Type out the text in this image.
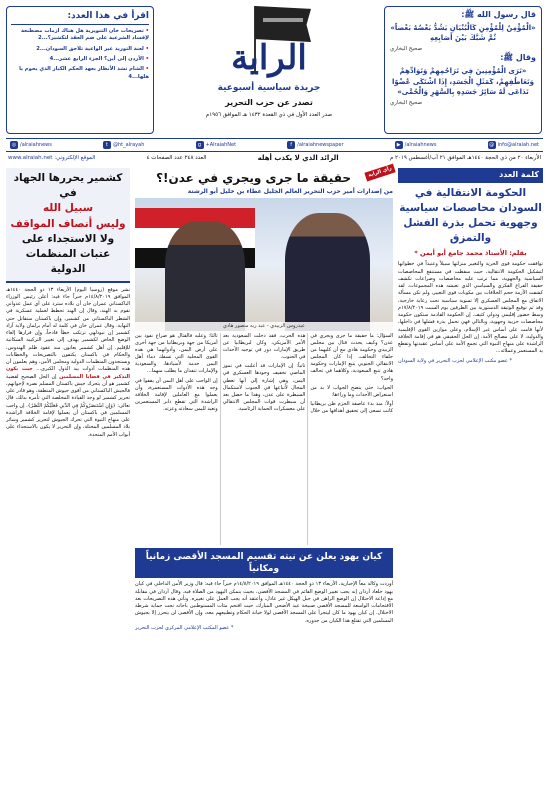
اقرأ في هذا العدد:
• تصريحات خان التنويرية هل هناك ازمات مصطنعة لإفساد الشرعية على ضم العقد لتكشير؟...2
• لعنة التوريد غير الواعية تلاحق السودان...2
• الأردن إلى أين؟ الجزء الرابع عشر...4
• الشام تشد الأنظار بعهد الحكم الكبار الذي يحوم يا هلها...4	الراية
جريدة سياسية أسبوعية
تصدر عن حزب التحرير
صدر العدد الأول في ذي القعدة ١٤٣٢ هـ الموافق ١٩٥٦م
قال رسول الله ﷺ:
«الْمُؤْمِنُ لِلْمُؤْمِنِ كَالْبُنْيَانِ يَشُدُّ بَعْضُهُ بَعْضاً» ثُمَّ شَبَّكَ بَيْنَ أَصَابِعِهِ
صحيح البخاري
وقال ﷺ:
«تَرَى الْمُؤْمِنِينَ فِي تَرَاحُمِهِمْ وَتَوَادِّهِمْ وَتَعَاطُفِهِمْ، كَمَثَلِ الْجَسَدِ، إِذَا اشْتَكَى عُضْوًا تَدَاعَى لَهُ سَائِرُ جَسَدِهِ بِالسَّهَرِ وَالْحُمَّى»
صحيح البخاري
@ info@alraiah.net
▶ /alraiahnews
f	/alraiahnewspaper
g +AlraiahNet
t	@ht_alrayah
◎ /alraiahnews
الأربعاء ٢٠ من ذي الحجة ١٤٤٠هـ الموافق ٢١ آب/أغسطس ٢٠١٩ م
الرائد الذي لا يكذب أهله
العدد ٢٤٨ عدد الصفحات ٤
www.alraiah.net :الموقع الإلكتروني
كلمة العدد
الحكومة الانتقالية في السودان محاصصات سياسية وجهوية تحمل بذرة الفشل والتمزق
بقلم: الأستاذ محمد جامع أبو أيمن *
توافقت حكومة قوى الحرية والتغيير منزلتها سبيلاً وعتيداً في خطواتها لتشكيل الحكومة الانتقالية، حيث سقطت في مستنقع المحاصصات السياسية والجهوية، مما ترتب عليه محاصصات وصراعات تكشف حقيقة الفراغ الفكري والسياسي الذي تعيشه هذه المجموعات. لقد كشفت الأزمة حجم الخلافات بين مكونات قوى التغيير، ولم تكن مسألة الاتفاق مع المجلس العسكري إلا تسوية سياسية تحت رعاية خارجية، وقد تم توقيع الوثيقة الدستورية بين الطرفين يوم السبت ١٧/٨/٢٠١٩م وسط حضور إقليمي ودولي كثيف. إن الحكومة القادمة ستكون حكومة محاصصات حزبية وجهوية، وبالتالي فهي تحمل بذرة فشلها في داخلها، لأنها قامت على أساس غير الإسلام، وعلى موازين القوى الإقليمية والدولية، لا على مصالح الأمة. إن الحل الحقيقي هو في إقامة الخلافة الراشدة على منهاج النبوة التي تجمع الأمة على أساس عقيدتها وتقطع يد المستعمر وعملائه...
* عضو مكتب الإعلامي لحزب التحرير في ولاية السودان
رأي الراية
حقيقة ما جرى ويجري في عدن!؟
من إصدارات أمير حزب التحرير العالم الجليل عطاء بن خليل أبو الرشتة
عيدروس الزبيدي - عبد ربه منصور هادي

السؤال: ما حقيقة ما جرى ويجري في عدن؟ وكيف يحدث قتال بين مجلس الزبيدي وحكومة هادي مع أن كليهما من حلفاء التحالف، إذا كان المجلس الانتقالي الجنوبي يتبع الإمارات وحكومة هادي تتبع السعودية، وكلاهما في تحالف واحد؟

الجواب: حتى يتضح الجواب لا بد من استعراض الأحداث وما وراءها:

أولاً: منذ بدء عاصفة الحزم ظن بريطانيا كانت تسعى إلى تحقيق أهدافها من خلال هذه الحرب، فقد دخلت السعودية بعد الأمر الأمريكي، وكان لبريطانيا عن طريق الإمارات دور في توجيه الأحداث في الجنوب.

ثانياً: إن الإمارات قد أعلنت في تموز الماضي تخفيف وجودها العسكري في اليمن، وهي إشارة إلى أنها تعطي المجال لأتباعها في الجنوب لاستكمال السيطرة على عدن، وهذا ما حصل بعد أن سيطرت قوات المجلس الانتقالي على معسكرات الحماية الرئاسية.

ثالثاً: وعليه فالقتال هو صراع نفوذ بين أمريكا من جهة وبريطانيا من جهة أخرى على أرض اليمن، وأدواتهما هي هذه القوى المحلية التي تسفك دماء أهل اليمن خدمة لأسيادها، والسعودية والإمارات تنفذان ما يطلب منهما...

إن الواجب على أهل اليمن أن يقفوا في وجه هذه الأدوات المستعمرة، وأن يعملوا مع العاملين لإقامة الخلافة الراشدة التي تقطع دابر المستعمرين وتعيد لليمن سعادته وعزته.

كشمير يحررها الجهاد في
سبيل الله
وليس أنصاف المواقف
ولا الاستجداء على عتبات المنظمات الدولية
نشر موقع (روسيا اليوم) الأربعاء ١٣ ذو الحجة ١٤٤٠هـ الموافق ١٤/٨/٢٠١٩م خبراً جاء فيه: أعلن رئيس الوزراء الباكستاني عمران خان أن بلاده سترد على أي عمل عدواني تقوم به الهند، وقال إن الهند تخطط لعملية عسكرية في الشطر الباكستاني من كشمير، وإن باكستان ستقاتل حتى النهاية. وقال عمران خان في كلمة له أمام برلمان ولاية آزاد كشمير إن نيودلهي ترتكب خطأ فادحاً، وإن قرارها إلغاء الوضع الخاص لكشمير يهدف إلى تغيير التركيبة السكانية للإقليم. إن أهل كشمير يعانون منذ عقود ظلم الهندوس، والحكام في باكستان يكتفون بالتصريحات والخطابات ويستجدون المنظمات الدولية ومجلس الأمن، وهم يعلمون أن هذه المنظمات أدوات بيد الدول الكبرى... حيث يكون التذكير في قضايا المسلمين إن الحل الصحيح لقضية كشمير هو أن يتحرك جيش باكستان المسلم نصرة لإخوانهم، فالجيش الباكستاني من أقوى جيوش المنطقة، وهو قادر على تحرير كشمير لو وجد القيادة المخلصة التي تأمره بذلك، قال تعالى: ﴿وَإِنِ اسْتَنصَرُوكُمْ فِي الدِّينِ فَعَلَيْكُمُ النَّصْرُ﴾. إن واجب المسلمين في باكستان أن يعملوا لإقامة الخلافة الراشدة على منهاج النبوة التي تحرك الجيوش لتحرير كشمير وسائر بلاد المسلمين المحتلة، وإن التحرير لا يكون بالاستجداء على أبواب الأمم المتحدة.
كيان يهود يعلن عن نيته تقسيم المسجد الأقصى زمانياً ومكانياً
أوردت وكالة معاً الإخبارية، الأربعاء ١٣ ذو الحجة ١٤٤٠هـ الموافق ١٤/٨/٢٠١٩م خبراً جاء فيه: قال وزير الأمن الداخلي في كيان يهود جلعاد أردان إنه يجب تغيير الوضع القائم في المسجد الأقصى، بحيث يتمكن اليهود من الصلاة فيه. وقال أردان في مقابلة مع إذاعة الاحتلال إن الوضع الراهن في جبل الهيكل غير عادل، وأعتقد أنه يجب العمل على تغييره. وتأتي هذه التصريحات بعد الاقتحامات الواسعة للمسجد الأقصى صبيحة عيد الأضحى المبارك، حيث اقتحم مئات المستوطنين باحاته تحت حماية شرطة الاحتلال. إن كيان يهود ما كان ليتجرأ على المسجد الأقصى لولا خيانة الحكام وتطبيعهم معه، وإن الأقصى لن يتحرر إلا بجيوش المسلمين التي تقتلع هذا الكيان من جذوره.
* عضو المكتب الإعلامي المركزي لحزب التحرير
